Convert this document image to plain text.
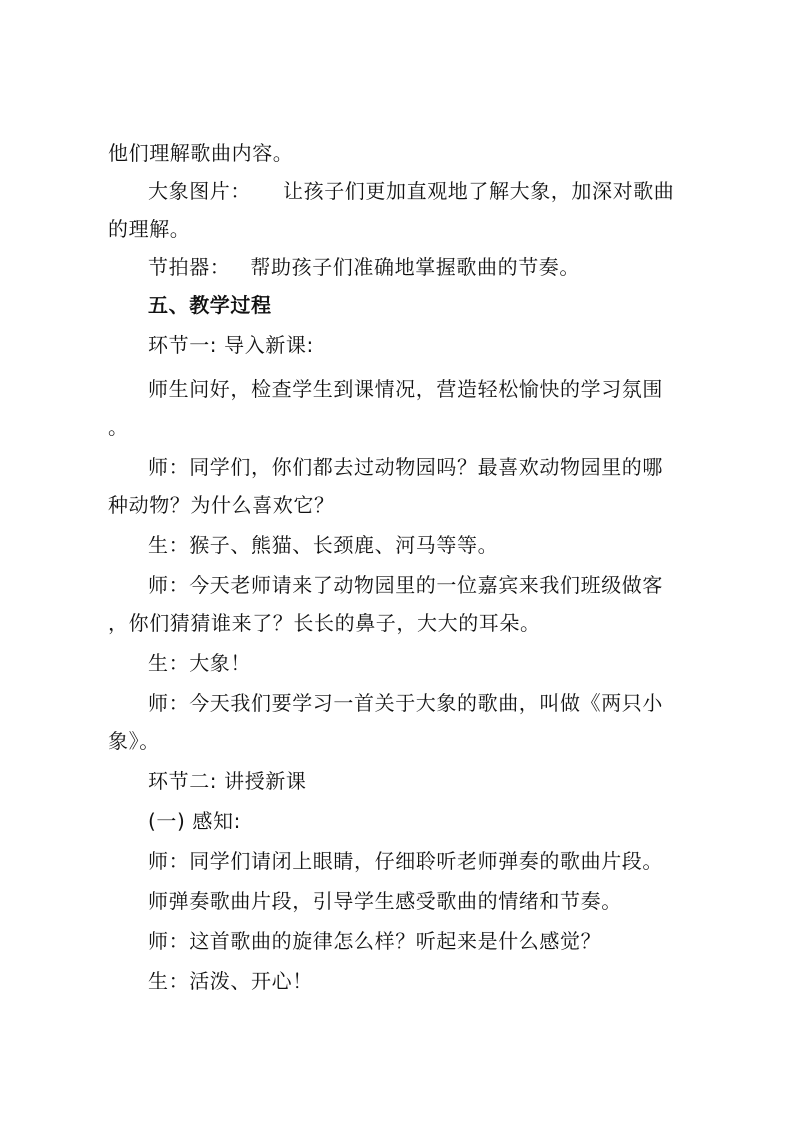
他们理解歌曲内容。
大象图片： 让孩子们更加直观地了解大象，加深对歌曲
的理解。
节拍器： 帮助孩子们准确地掌握歌曲的节奏。
五、教学过程
环节一: 导入新课:
师生问好，检查学生到课情况，营造轻松愉快的学习氛围
。
师：同学们，你们都去过动物园吗？最喜欢动物园里的哪
种动物？为什么喜欢它？
生：猴子、熊猫、长颈鹿、河马等等。
师：今天老师请来了动物园里的一位嘉宾来我们班级做客
，你们猜猜谁来了？长长的鼻子，大大的耳朵。
生：大象！
师：今天我们要学习一首关于大象的歌曲，叫做《两只小
象》。
环节二: 讲授新课
(一) 感知:
师：同学们请闭上眼睛，仔细聆听老师弹奏的歌曲片段。
师弹奏歌曲片段，引导学生感受歌曲的情绪和节奏。
师：这首歌曲的旋律怎么样？听起来是什么感觉？
生：活泼、开心！
